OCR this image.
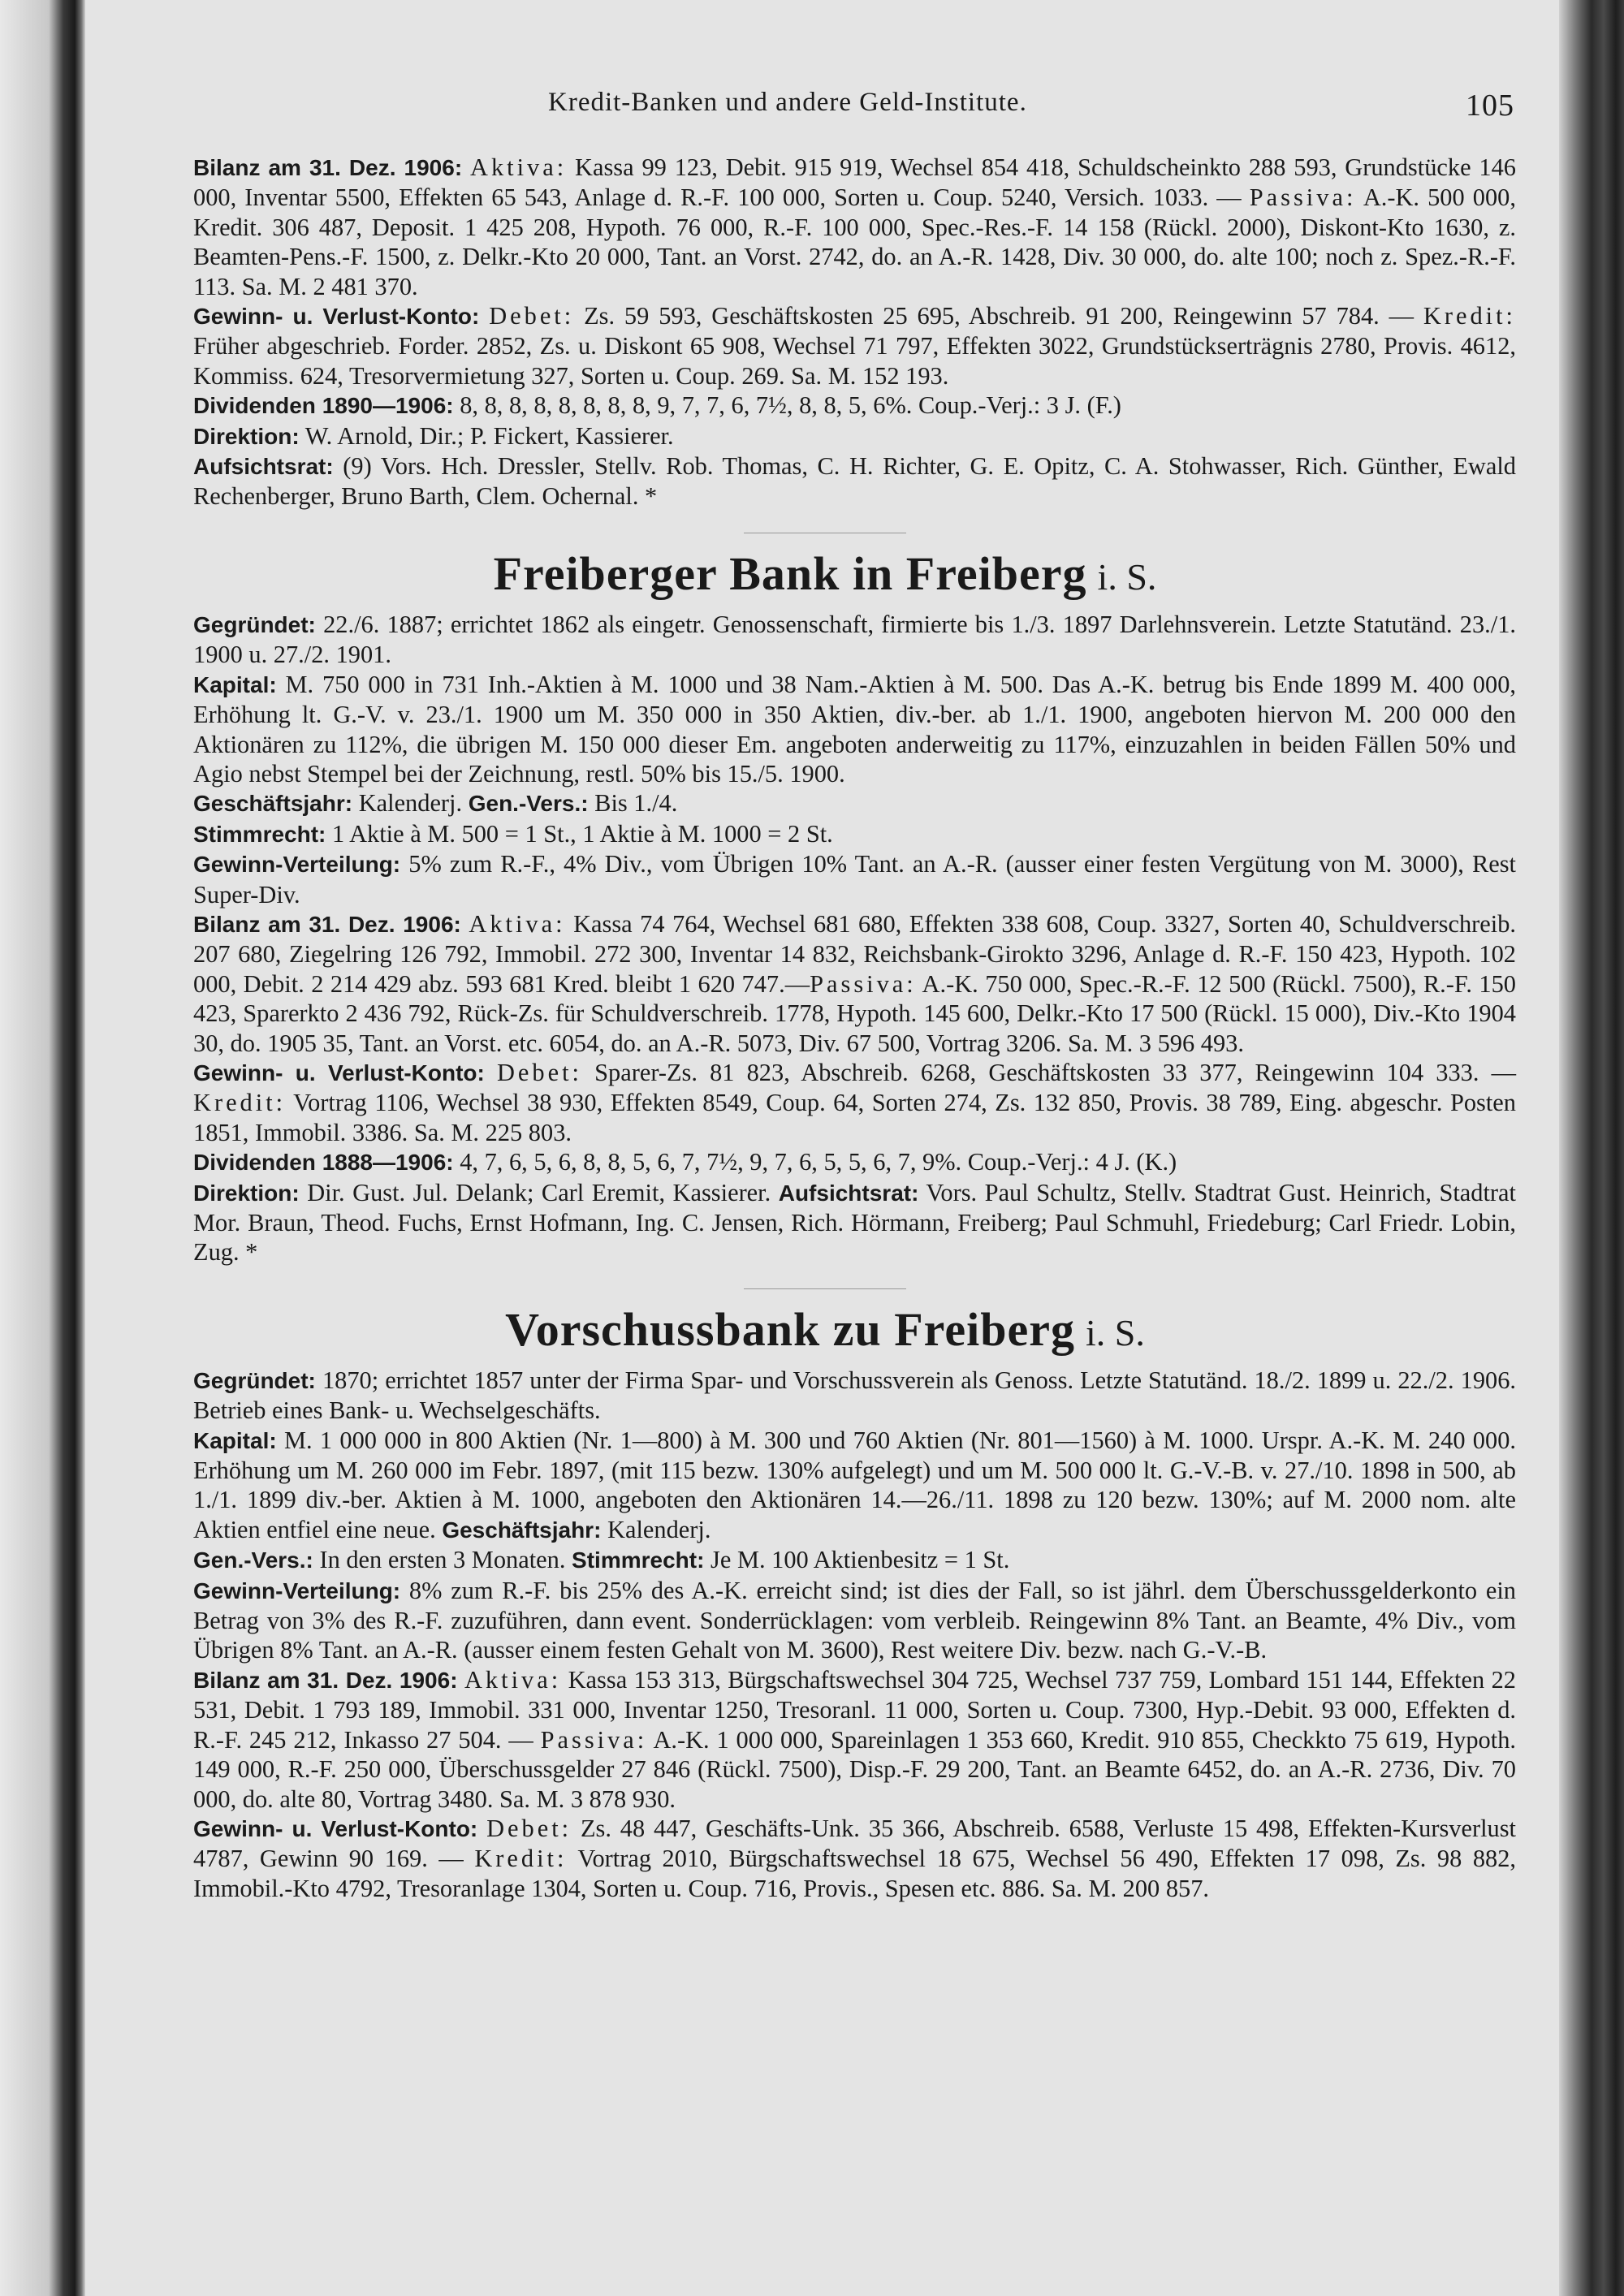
Kredit-Banken und andere Geld-Institute.	105

Bilanz am 31. Dez. 1906: Aktiva: Kassa 99 123, Debit. 915 919, Wechsel 854 418, Schuldscheinkto 288 593, Grundstücke 146 000, Inventar 5500, Effekten 65 543, Anlage d. R.-F. 100 000, Sorten u. Coup. 5240, Versich. 1033. — Passiva: A.-K. 500 000, Kredit. 306 487, Deposit. 1 425 208, Hypoth. 76 000, R.-F. 100 000, Spec.-Res.-F. 14 158 (Rückl. 2000), Diskont-Kto 1630, z. Beamten-Pens.-F. 1500, z. Delkr.-Kto 20 000, Tant. an Vorst. 2742, do. an A.-R. 1428, Div. 30 000, do. alte 100; noch z. Spez.-R.-F. 113. Sa. M. 2 481 370.

Gewinn- u. Verlust-Konto: Debet: Zs. 59 593, Geschäftskosten 25 695, Abschreib. 91 200, Reingewinn 57 784. — Kredit: Früher abgeschrieb. Forder. 2852, Zs. u. Diskont 65 908, Wechsel 71 797, Effekten 3022, Grundstückserträgnis 2780, Provis. 4612, Kommiss. 624, Tresorvermietung 327, Sorten u. Coup. 269. Sa. M. 152 193.

Dividenden 1890—1906: 8, 8, 8, 8, 8, 8, 8, 8, 9, 7, 7, 6, 7½, 8, 8, 5, 6%. Coup.-Verj.: 3 J. (F.)

Direktion: W. Arnold, Dir.; P. Fickert, Kassierer.

Aufsichtsrat: (9) Vors. Hch. Dressler, Stellv. Rob. Thomas, C. H. Richter, G. E. Opitz, C. A. Stohwasser, Rich. Günther, Ewald Rechenberger, Bruno Barth, Clem. Ochernal. *

Freiberger Bank in Freiberg i. S.

Gegründet: 22./6. 1887; errichtet 1862 als eingetr. Genossenschaft, firmierte bis 1./3. 1897 Darlehnsverein. Letzte Statutänd. 23./1. 1900 u. 27./2. 1901.

Kapital: M. 750 000 in 731 Inh.-Aktien à M. 1000 und 38 Nam.-Aktien à M. 500. Das A.-K. betrug bis Ende 1899 M. 400 000, Erhöhung lt. G.-V. v. 23./1. 1900 um M. 350 000 in 350 Aktien, div.-ber. ab 1./1. 1900, angeboten hiervon M. 200 000 den Aktionären zu 112%, die übrigen M. 150 000 dieser Em. angeboten anderweitig zu 117%, einzuzahlen in beiden Fällen 50% und Agio nebst Stempel bei der Zeichnung, restl. 50% bis 15./5. 1900.

Geschäftsjahr: Kalenderj. Gen.-Vers.: Bis 1./4.

Stimmrecht: 1 Aktie à M. 500 = 1 St., 1 Aktie à M. 1000 = 2 St.

Gewinn-Verteilung: 5% zum R.-F., 4% Div., vom Übrigen 10% Tant. an A.-R. (ausser einer festen Vergütung von M. 3000), Rest Super-Div.

Bilanz am 31. Dez. 1906: Aktiva: Kassa 74 764, Wechsel 681 680, Effekten 338 608, Coup. 3327, Sorten 40, Schuldverschreib. 207 680, Ziegelring 126 792, Immobil. 272 300, Inventar 14 832, Reichsbank-Girokto 3296, Anlage d. R.-F. 150 423, Hypoth. 102 000, Debit. 2 214 429 abz. 593 681 Kred. bleibt 1 620 747.—Passiva: A.-K. 750 000, Spec.-R.-F. 12 500 (Rückl. 7500), R.-F. 150 423, Sparerkto 2 436 792, Rück-Zs. für Schuldverschreib. 1778, Hypoth. 145 600, Delkr.-Kto 17 500 (Rückl. 15 000), Div.-Kto 1904 30, do. 1905 35, Tant. an Vorst. etc. 6054, do. an A.-R. 5073, Div. 67 500, Vortrag 3206. Sa. M. 3 596 493.

Gewinn- u. Verlust-Konto: Debet: Sparer-Zs. 81 823, Abschreib. 6268, Geschäftskosten 33 377, Reingewinn 104 333. — Kredit: Vortrag 1106, Wechsel 38 930, Effekten 8549, Coup. 64, Sorten 274, Zs. 132 850, Provis. 38 789, Eing. abgeschr. Posten 1851, Immobil. 3386. Sa. M. 225 803.

Dividenden 1888—1906: 4, 7, 6, 5, 6, 8, 8, 5, 6, 7, 7½, 9, 7, 6, 5, 5, 6, 7, 9%. Coup.-Verj.: 4 J. (K.)

Direktion: Dir. Gust. Jul. Delank; Carl Eremit, Kassierer. Aufsichtsrat: Vors. Paul Schultz, Stellv. Stadtrat Gust. Heinrich, Stadtrat Mor. Braun, Theod. Fuchs, Ernst Hofmann, Ing. C. Jensen, Rich. Hörmann, Freiberg; Paul Schmuhl, Friedeburg; Carl Friedr. Lobin, Zug. *

Vorschussbank zu Freiberg i. S.

Gegründet: 1870; errichtet 1857 unter der Firma Spar- und Vorschussverein als Genoss. Letzte Statutänd. 18./2. 1899 u. 22./2. 1906. Betrieb eines Bank- u. Wechselgeschäfts.

Kapital: M. 1 000 000 in 800 Aktien (Nr. 1—800) à M. 300 und 760 Aktien (Nr. 801—1560) à M. 1000. Urspr. A.-K. M. 240 000. Erhöhung um M. 260 000 im Febr. 1897, (mit 115 bezw. 130% aufgelegt) und um M. 500 000 lt. G.-V.-B. v. 27./10. 1898 in 500, ab 1./1. 1899 div.-ber. Aktien à M. 1000, angeboten den Aktionären 14.—26./11. 1898 zu 120 bezw. 130%; auf M. 2000 nom. alte Aktien entfiel eine neue. Geschäftsjahr: Kalenderj.

Gen.-Vers.: In den ersten 3 Monaten. Stimmrecht: Je M. 100 Aktienbesitz = 1 St.

Gewinn-Verteilung: 8% zum R.-F. bis 25% des A.-K. erreicht sind; ist dies der Fall, so ist jährl. dem Überschussgelderkonto ein Betrag von 3% des R.-F. zuzuführen, dann event. Sonderrücklagen: vom verbleib. Reingewinn 8% Tant. an Beamte, 4% Div., vom Übrigen 8% Tant. an A.-R. (ausser einem festen Gehalt von M. 3600), Rest weitere Div. bezw. nach G.-V.-B.

Bilanz am 31. Dez. 1906: Aktiva: Kassa 153 313, Bürgschaftswechsel 304 725, Wechsel 737 759, Lombard 151 144, Effekten 22 531, Debit. 1 793 189, Immobil. 331 000, Inventar 1250, Tresoranl. 11 000, Sorten u. Coup. 7300, Hyp.-Debit. 93 000, Effekten d. R.-F. 245 212, Inkasso 27 504. — Passiva: A.-K. 1 000 000, Spareinlagen 1 353 660, Kredit. 910 855, Checkkto 75 619, Hypoth. 149 000, R.-F. 250 000, Überschussgelder 27 846 (Rückl. 7500), Disp.-F. 29 200, Tant. an Beamte 6452, do. an A.-R. 2736, Div. 70 000, do. alte 80, Vortrag 3480. Sa. M. 3 878 930.

Gewinn- u. Verlust-Konto: Debet: Zs. 48 447, Geschäfts-Unk. 35 366, Abschreib. 6588, Verluste 15 498, Effekten-Kursverlust 4787, Gewinn 90 169. — Kredit: Vortrag 2010, Bürgschaftswechsel 18 675, Wechsel 56 490, Effekten 17 098, Zs. 98 882, Immobil.-Kto 4792, Tresoranlage 1304, Sorten u. Coup. 716, Provis., Spesen etc. 886. Sa. M. 200 857.
